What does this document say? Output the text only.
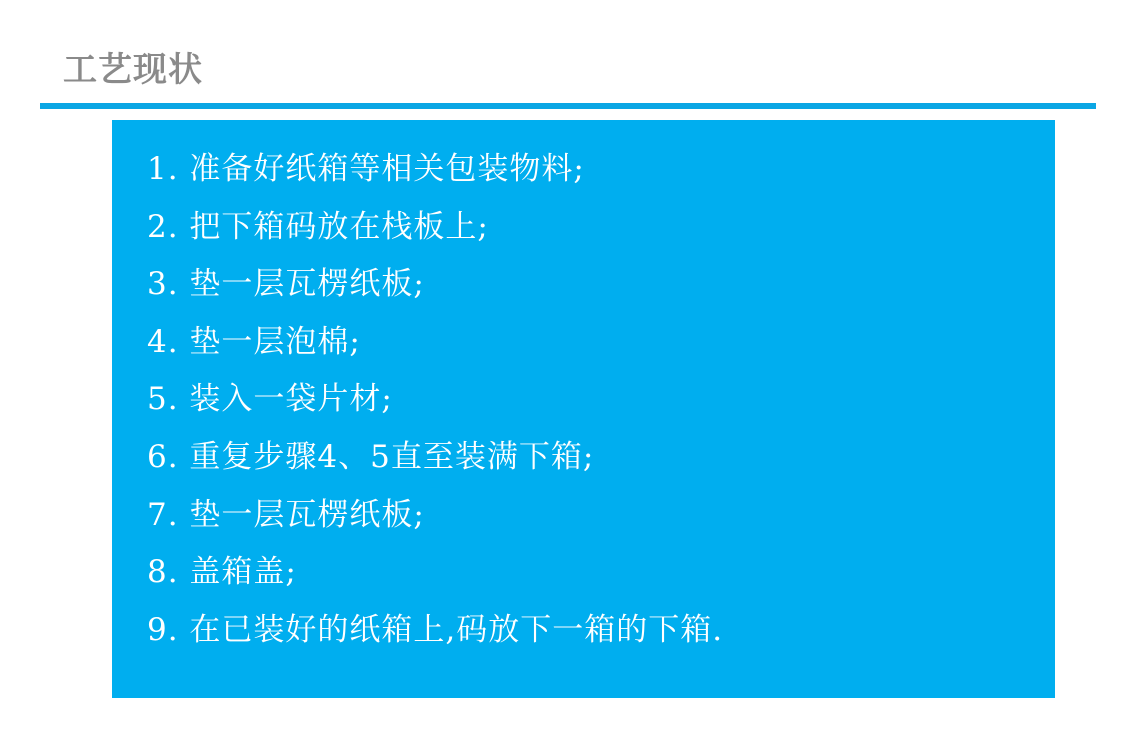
工艺现状
1. 准备好纸箱等相关包装物料;
2. 把下箱码放在栈板上;
3. 垫一层瓦楞纸板;
4. 垫一层泡棉;
5. 装入一袋片材;
6. 重复步骤4、5直至装满下箱;
7. 垫一层瓦楞纸板;
8. 盖箱盖;
9. 在已装好的纸箱上,码放下一箱的下箱.
